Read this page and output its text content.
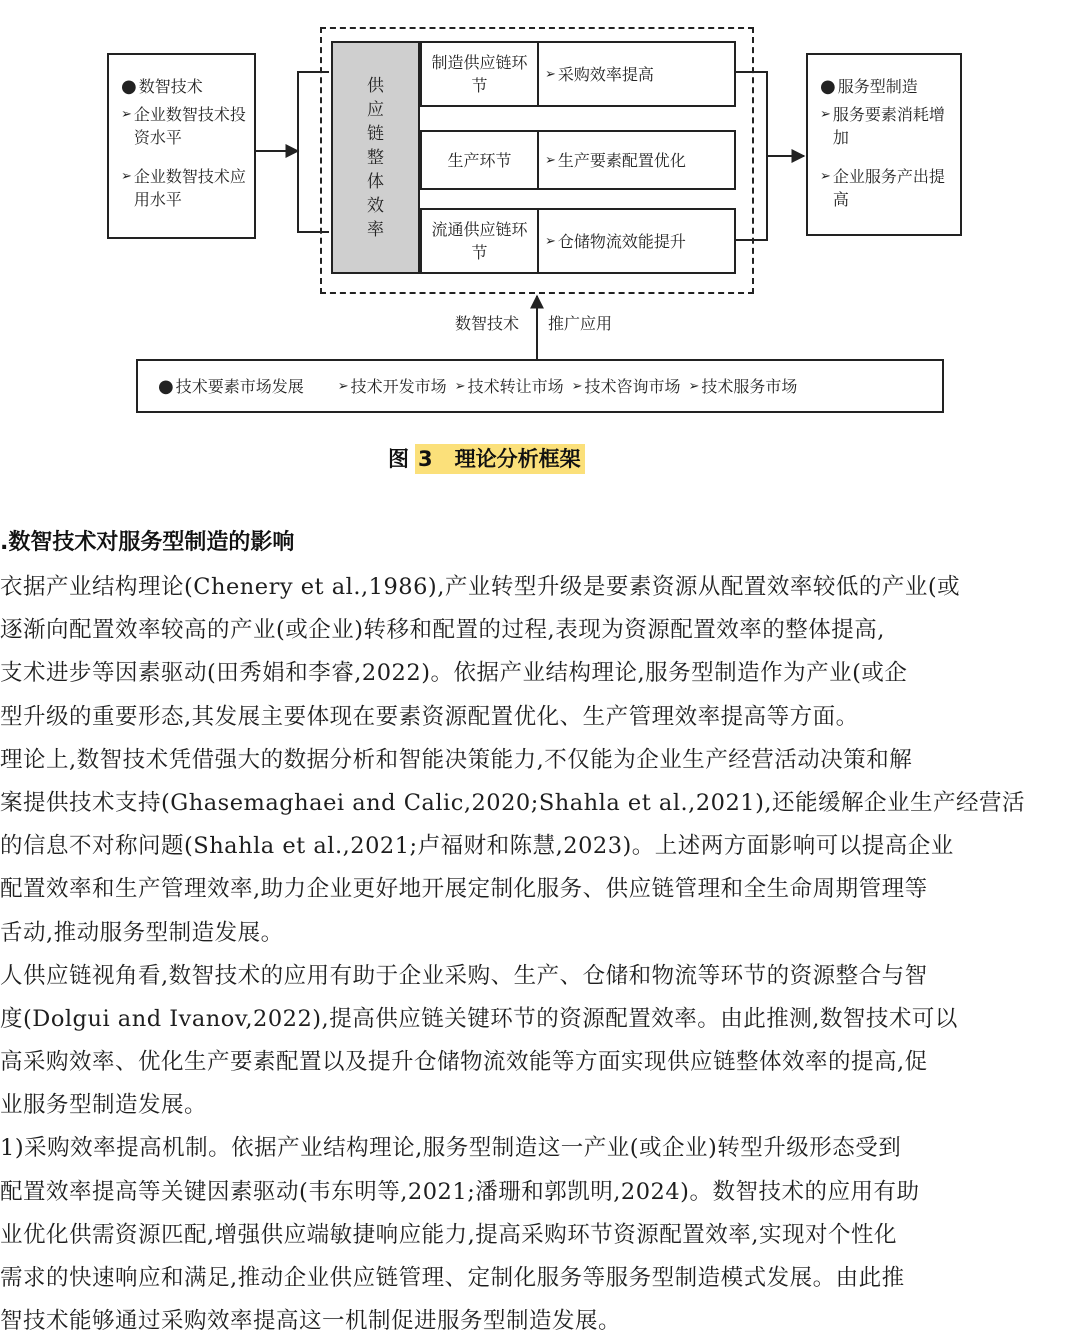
● 数智技术
➢ 企业数智技术投资水平
➢ 企业数智技术应用水平
供应链整体效率
制造供应链环节
➢ 采购效率提高
生产环节	➢ 生产要素配置优化
流通供应链环节
➢ 仓储物流效能提升
● 服务型制造
➢ 服务要素消耗增加
➢ 企业服务产出提高
数智技术 推广应用
● 技术要素市场发展	➢ 技术开发市场 ➢ 技术转让市场 ➢ 技术咨询市场 ➢ 技术服务市场
图 3 理论分析框架
.数智技术对服务型制造的影响
衣据产业结构理论(Chenery et al.,1986),产业转型升级是要素资源从配置效率较低的产业(或
逐渐向配置效率较高的产业(或企业)转移和配置的过程,表现为资源配置效率的整体提高,
支术进步等因素驱动(田秀娟和李睿,2022)。依据产业结构理论,服务型制造作为产业(或企
型升级的重要形态,其发展主要体现在要素资源配置优化、生产管理效率提高等方面。
理论上,数智技术凭借强大的数据分析和智能决策能力,不仅能为企业生产经营活动决策和解
案提供技术支持(Ghasemaghaei and Calic,2020;Shahla et al.,2021),还能缓解企业生产经营活
的信息不对称问题(Shahla et al.,2021;卢福财和陈慧,2023)。上述两方面影响可以提高企业
配置效率和生产管理效率,助力企业更好地开展定制化服务、供应链管理和全生命周期管理等
舌动,推动服务型制造发展。
人供应链视角看,数智技术的应用有助于企业采购、生产、仓储和物流等环节的资源整合与智
度(Dolgui and Ivanov,2022),提高供应链关键环节的资源配置效率。由此推测,数智技术可以
高采购效率、优化生产要素配置以及提升仓储物流效能等方面实现供应链整体效率的提高,促
业服务型制造发展。
1)采购效率提高机制。依据产业结构理论,服务型制造这一产业(或企业)转型升级形态受到
配置效率提高等关键因素驱动(韦东明等,2021;潘珊和郭凯明,2024)。数智技术的应用有助
业优化供需资源匹配,增强供应端敏捷响应能力,提高采购环节资源配置效率,实现对个性化
需求的快速响应和满足,推动企业供应链管理、定制化服务等服务型制造模式发展。由此推
智技术能够通过采购效率提高这一机制促进服务型制造发展。
